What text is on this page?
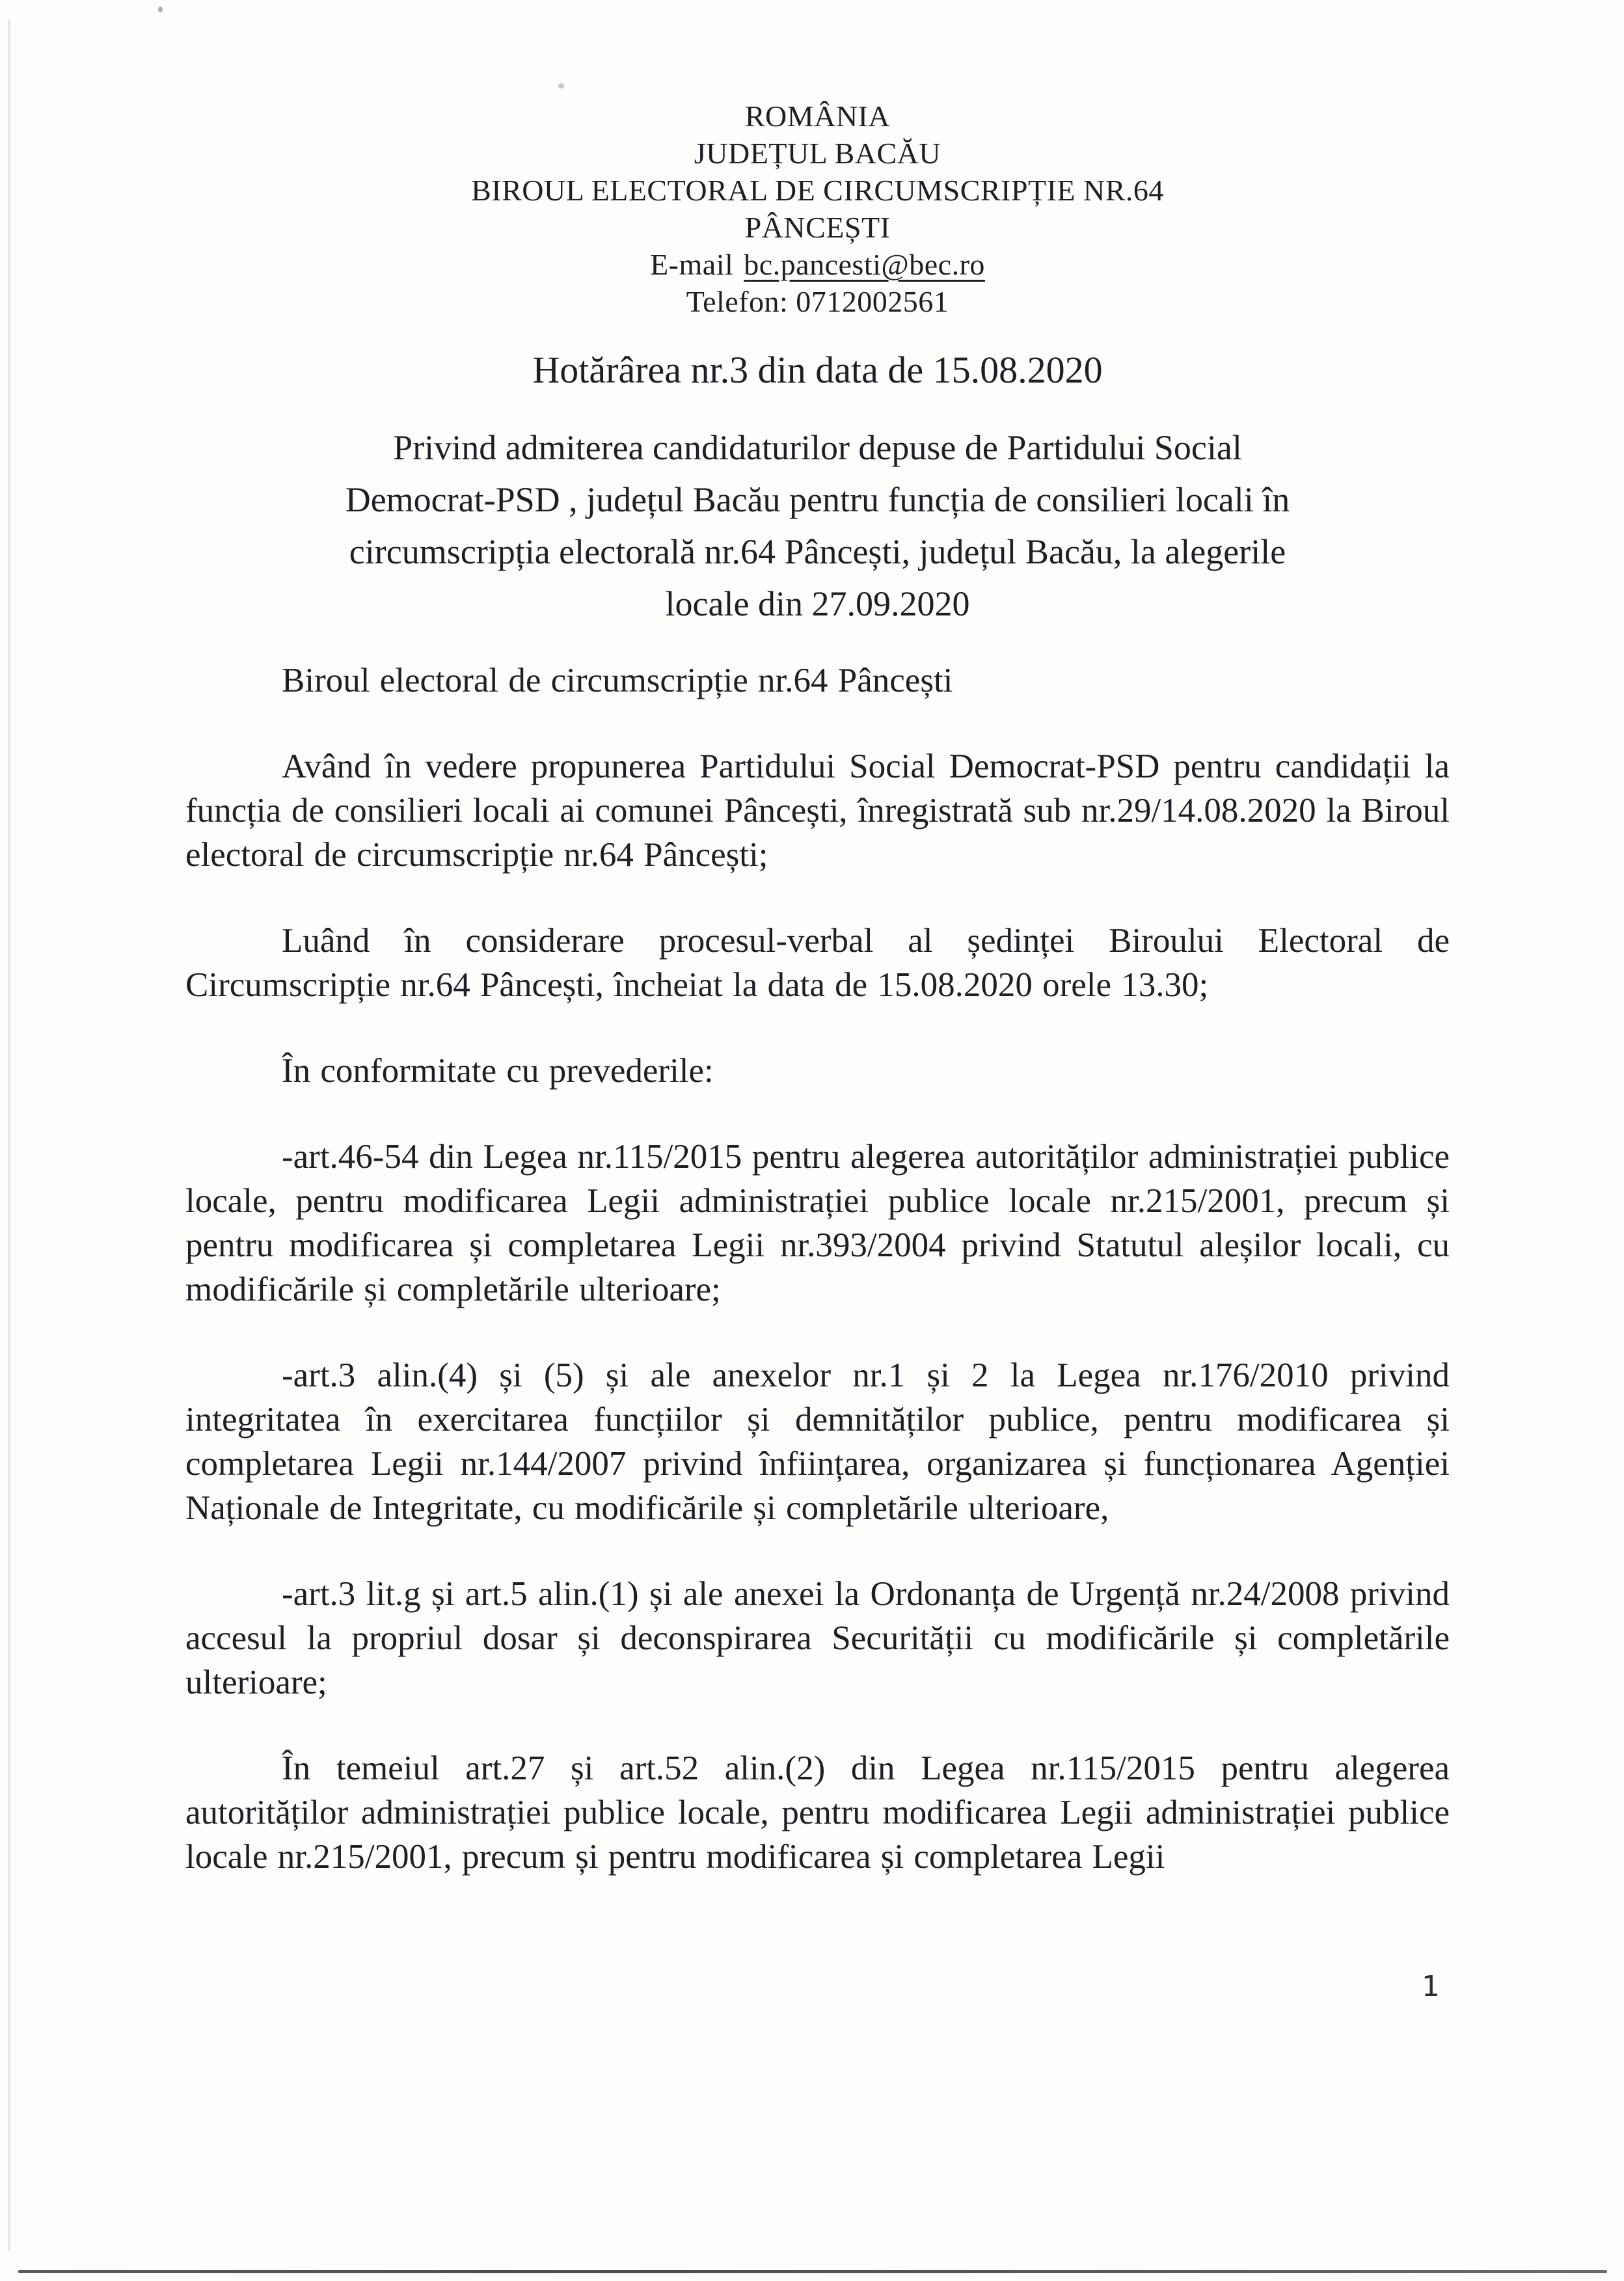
ROMÂNIA
JUDEȚUL BACĂU
BIROUL ELECTORAL DE CIRCUMSCRIPȚIE NR.64
PÂNCEȘTI
E-mail bc.pancesti@bec.ro
Telefon: 0712002561
Hotărârea nr.3 din data de 15.08.2020
Privind admiterea candidaturilor depuse de Partidului Social
Democrat-PSD , județul Bacău pentru funcția de consilieri locali în
circumscripția electorală nr.64 Pâncești, județul Bacău, la alegerile
locale din 27.09.2020

Biroul electoral de circumscripție nr.64 Pâncești

Având în vedere propunerea Partidului Social Democrat-PSD pentru candidații la funcția de consilieri locali ai comunei Pâncești, înregistrată sub nr.29/14.08.2020 la Biroul electoral de circumscripție nr.64 Pâncești;

Luând în considerare procesul-verbal al ședinței Biroului Electoral de Circumscripție nr.64 Pâncești, încheiat la data de 15.08.2020 orele 13.30;

În conformitate cu prevederile:

-art.46-54 din Legea nr.115/2015 pentru alegerea autorităților administrației publice locale, pentru modificarea Legii administrației publice locale nr.215/2001, precum și pentru modificarea și completarea Legii nr.393/2004 privind Statutul aleșilor locali, cu modificările și completările ulterioare;

-art.3 alin.(4) și (5) și ale anexelor nr.1 și 2 la Legea nr.176/2010 privind integritatea în exercitarea funcțiilor și demnităților publice, pentru modificarea și completarea Legii nr.144/2007 privind înființarea, organizarea și funcționarea Agenției Naționale de Integritate, cu modificările și completările ulterioare,

-art.3 lit.g și art.5 alin.(1) și ale anexei la Ordonanța de Urgență nr.24/2008 privind accesul la propriul dosar și deconspirarea Securității cu modificările și completările ulterioare;

În temeiul art.27 și art.52 alin.(2) din Legea nr.115/2015 pentru alegerea autorităților administrației publice locale, pentru modificarea Legii administrației publice locale nr.215/2001, precum și pentru modificarea și completarea Legii

1
